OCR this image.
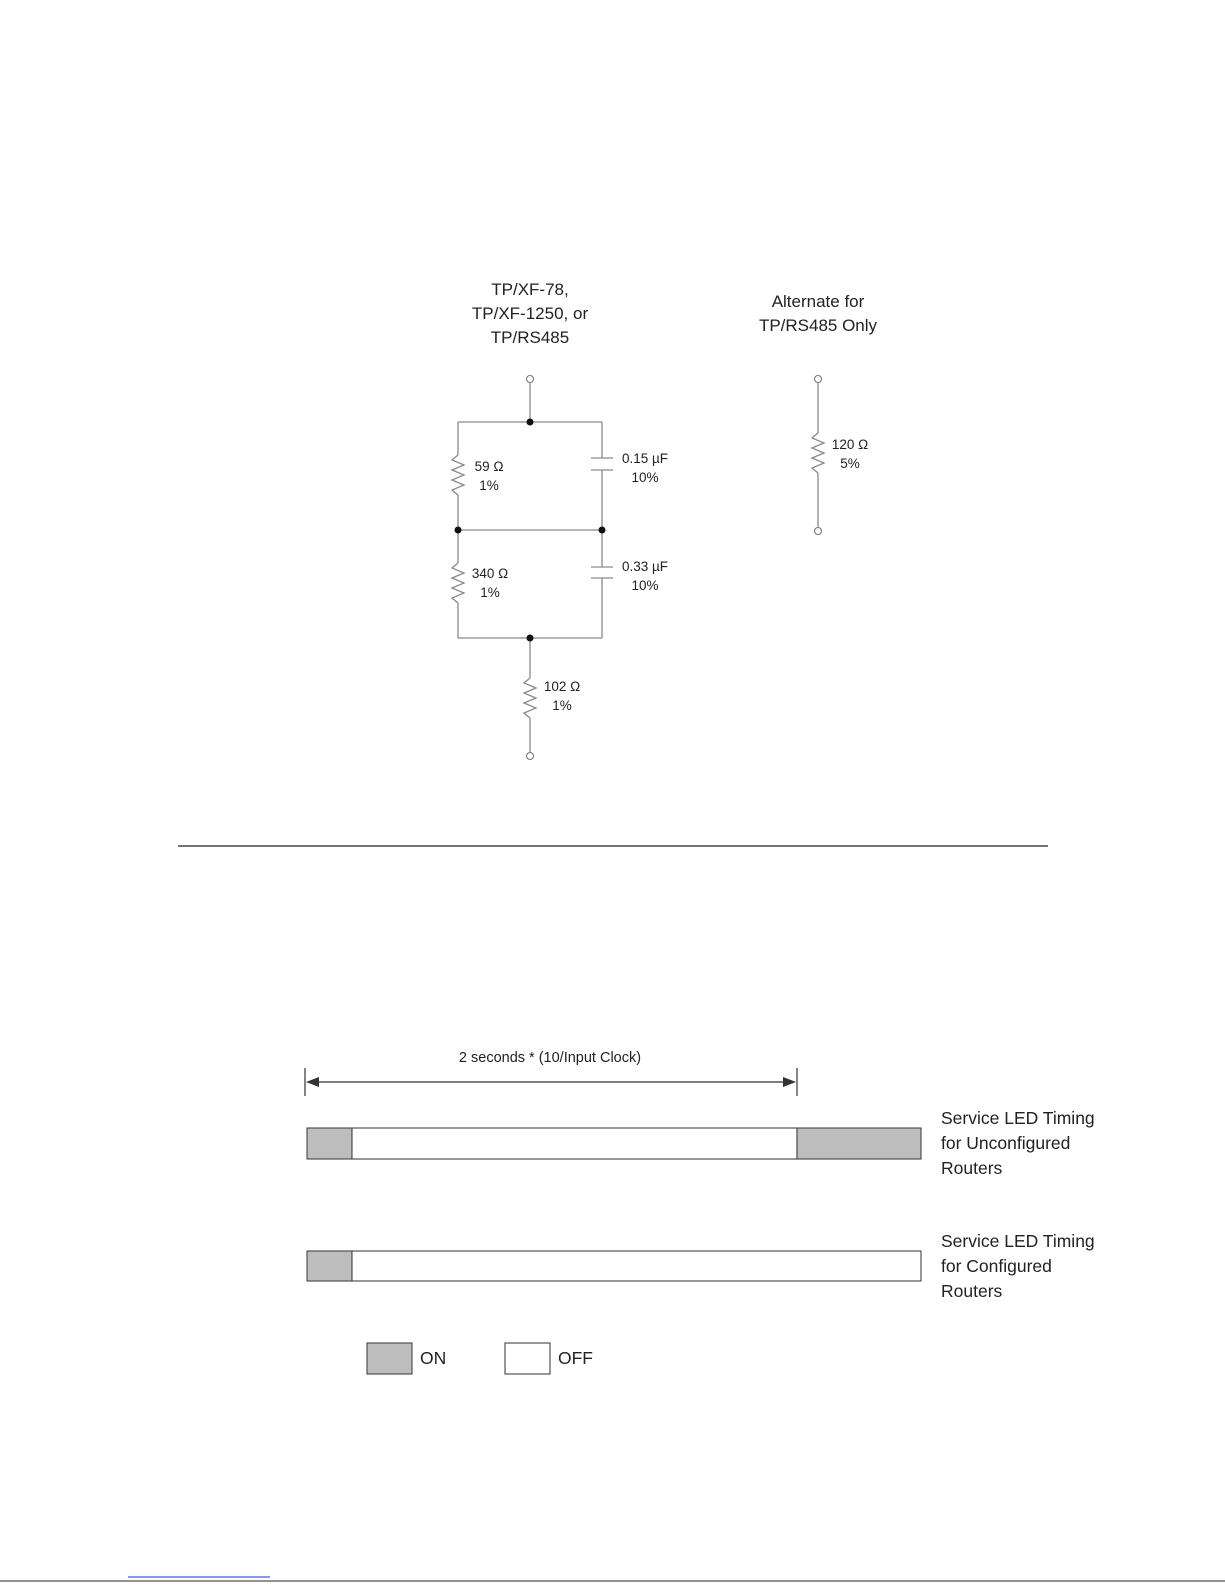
TP/XF-78,
TP/XF-1250, or
TP/RS485
Alternate for
TP/RS485 Only
59 Ω
1%
0.15 µF
10%
340 Ω
1%
0.33 µF
10%
102 Ω
1%
120 Ω
5%
2 seconds * (10/Input Clock)
Service LED Timing
for Unconfigured
Routers
Service LED Timing
for Configured
Routers
ON	OFF
